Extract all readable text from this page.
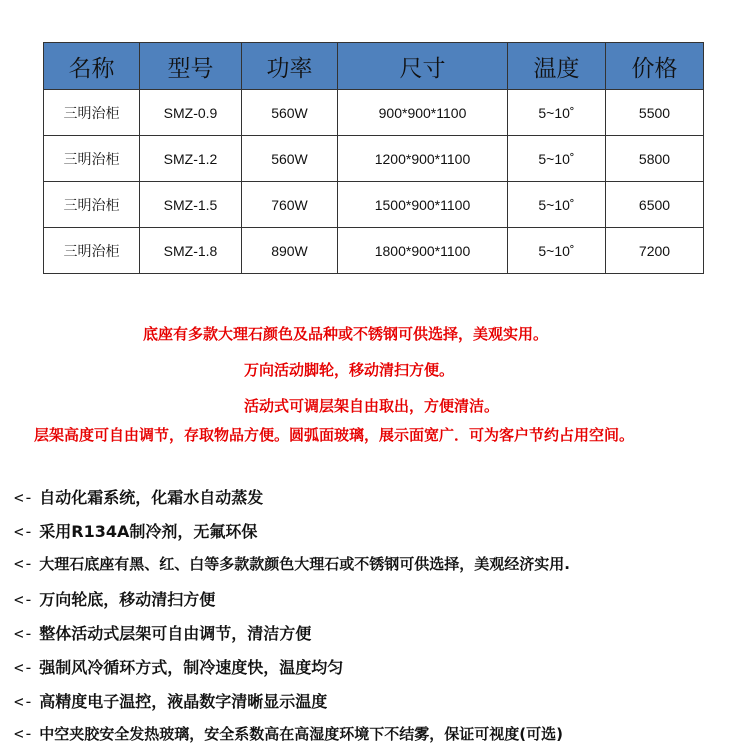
名称	型号	功率	尺寸	温度	价格
三明治柜	SMZ-0.9	560W	900*900*1100	5~10˚	5500
三明治柜	SMZ-1.2	560W	1200*900*1100	5~10˚	5800
三明治柜	SMZ-1.5	760W	1500*900*1100	5~10˚	6500
三明治柜	SMZ-1.8	890W	1800*900*1100	5~10˚	7200
底座有多款大理石颜色及品种或不锈钢可供选择，美观实用。
万向活动脚轮，移动清扫方便。
活动式可调层架自由取出，方便清洁。
层架高度可自由调节，存取物品方便。圆弧面玻璃，展示面宽广．可为客户节约占用空间。
<- 自动化霜系统，化霜水自动蒸发
<- 采用R134A制冷剂，无氟环保
<- 大理石底座有黑、红、白等多款款颜色大理石或不锈钢可供选择，美观经济实用.
<- 万向轮底，移动清扫方便
<- 整体活动式层架可自由调节，清洁方便
<- 强制风冷循环方式，制冷速度快，温度均匀
<- 高精度电子温控，液晶数字清晰显示温度
<- 中空夹胶安全发热玻璃，安全系数高在高湿度环境下不结雾，保证可视度(可选)
